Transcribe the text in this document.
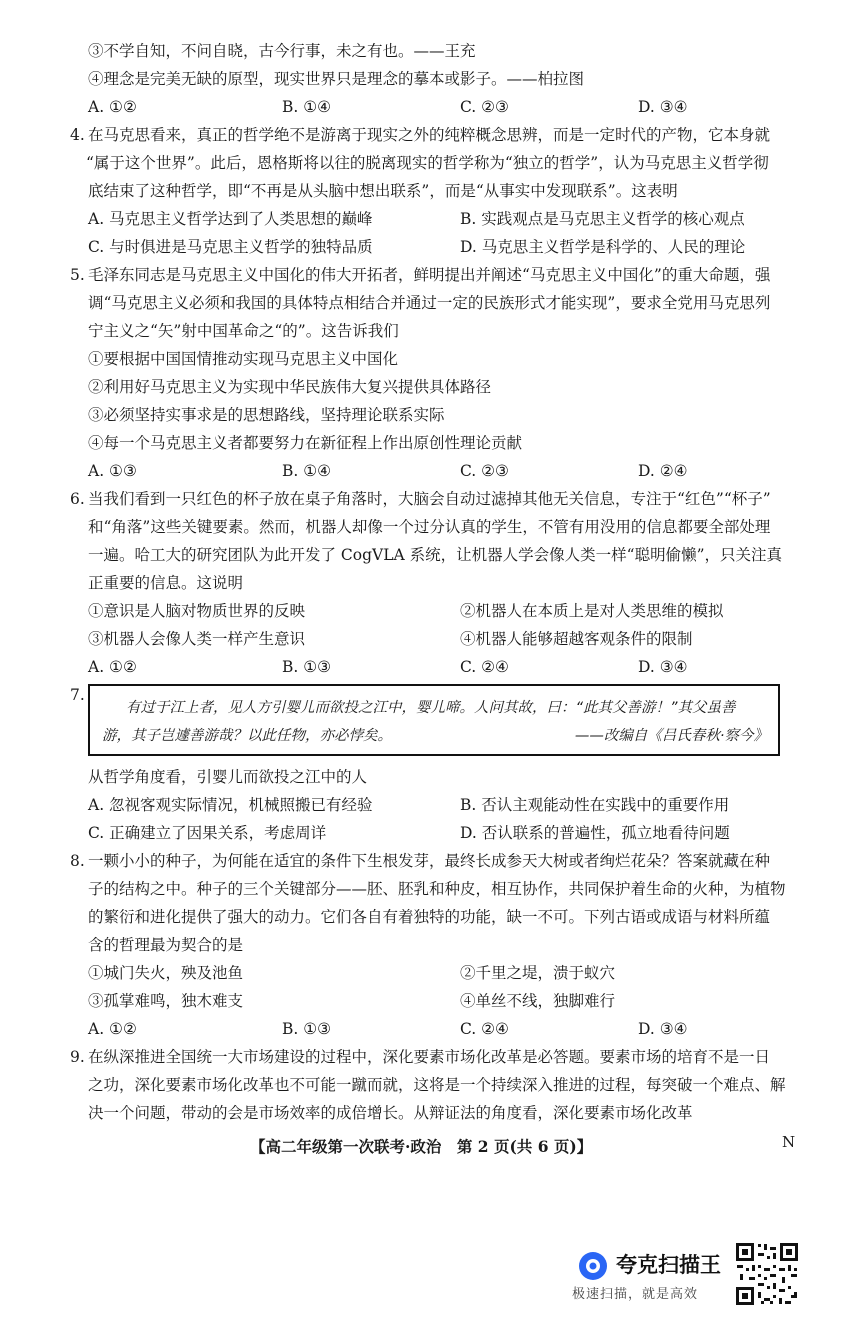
③不学自知，不问自晓，古今行事，未之有也。——王充
④理念是完美无缺的原型，现实世界只是理念的摹本或影子。——柏拉图
A. ①②	B. ①④	C. ②③	D. ③④
4. 在马克思看来，真正的哲学绝不是游离于现实之外的纯粹概念思辨，而是一定时代的产物，它本身就
“属于这个世界”。此后，恩格斯将以往的脱离现实的哲学称为“独立的哲学”，认为马克思主义哲学彻
底结束了这种哲学，即“不再是从头脑中想出联系”，而是“从事实中发现联系”。这表明
A. 马克思主义哲学达到了人类思想的巅峰	B. 实践观点是马克思主义哲学的核心观点
C. 与时俱进是马克思主义哲学的独特品质	D. 马克思主义哲学是科学的、人民的理论
5. 毛泽东同志是马克思主义中国化的伟大开拓者，鲜明提出并阐述“马克思主义中国化”的重大命题，强
调“马克思主义必须和我国的具体特点相结合并通过一定的民族形式才能实现”，要求全党用马克思列
宁主义之“矢”射中国革命之“的”。这告诉我们
①要根据中国国情推动实现马克思主义中国化
②利用好马克思主义为实现中华民族伟大复兴提供具体路径
③必须坚持实事求是的思想路线，坚持理论联系实际
④每一个马克思主义者都要努力在新征程上作出原创性理论贡献
A. ①③	B. ①④	C. ②③	D. ②④
6. 当我们看到一只红色的杯子放在桌子角落时，大脑会自动过滤掉其他无关信息，专注于“红色”“杯子”
和“角落”这些关键要素。然而，机器人却像一个过分认真的学生，不管有用没用的信息都要全部处理
一遍。哈工大的研究团队为此开发了 CogVLA 系统，让机器人学会像人类一样“聪明偷懒”，只关注真
正重要的信息。这说明
①意识是人脑对物质世界的反映	②机器人在本质上是对人类思维的模拟
③机器人会像人类一样产生意识	④机器人能够超越客观条件的限制
A. ①②	B. ①③	C. ②④	D. ③④
7.
有过于江上者，见人方引婴儿而欲投之江中，婴儿啼。人问其故，曰：“此其父善游！”其父虽善
游，其子岂遽善游哉？以此任物，亦必悖矣。	——改编自《吕氏春秋·察今》
从哲学角度看，引婴儿而欲投之江中的人
A. 忽视客观实际情况，机械照搬已有经验	B. 否认主观能动性在实践中的重要作用
C. 正确建立了因果关系，考虑周详	D. 否认联系的普遍性，孤立地看待问题
8. 一颗小小的种子，为何能在适宜的条件下生根发芽，最终长成参天大树或者绚烂花朵？答案就藏在种
子的结构之中。种子的三个关键部分——胚、胚乳和种皮，相互协作，共同保护着生命的火种，为植物
的繁衍和进化提供了强大的动力。它们各自有着独特的功能，缺一不可。下列古语或成语与材料所蕴
含的哲理最为契合的是
①城门失火，殃及池鱼	②千里之堤，溃于蚁穴
③孤掌难鸣，独木难支	④单丝不线，独脚难行
A. ①②	B. ①③	C. ②④	D. ③④
9. 在纵深推进全国统一大市场建设的过程中，深化要素市场化改革是必答题。要素市场的培育不是一日
之功，深化要素市场化改革也不可能一蹴而就，这将是一个持续深入推进的过程，每突破一个难点、解
决一个问题，带动的会是市场效率的成倍增长。从辩证法的角度看，深化要素市场化改革
【高二年级第一次联考·政治　第 2 页(共 6 页)】	N
夸克扫描王
极速扫描，就是高效
